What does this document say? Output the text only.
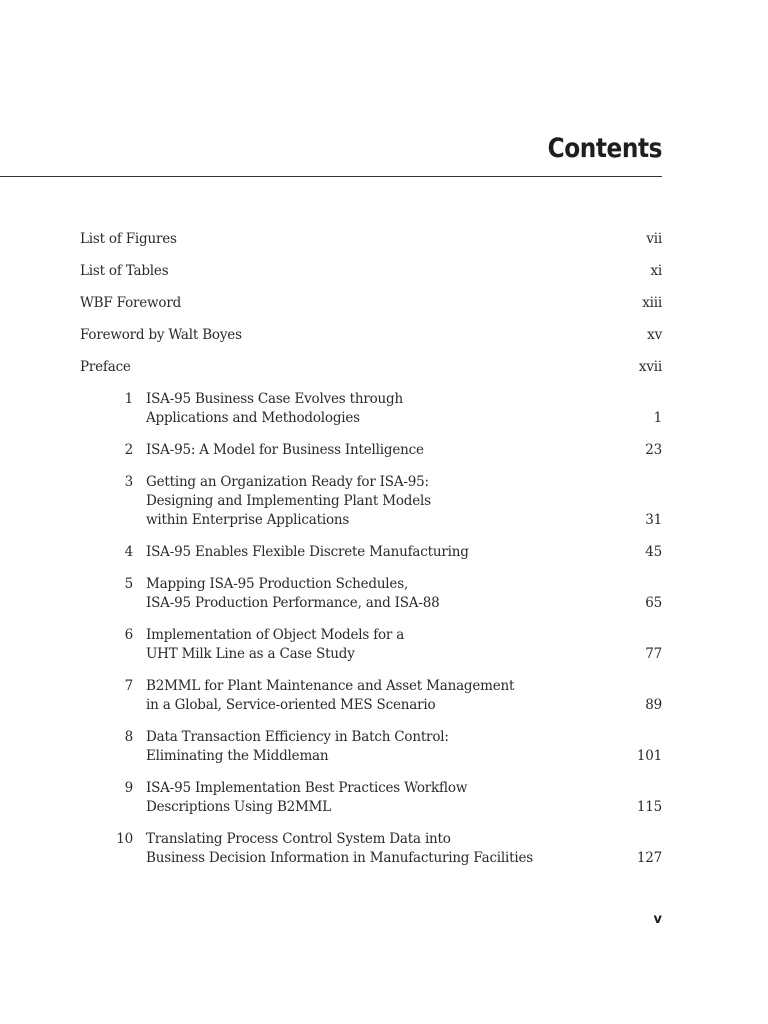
Contents
List of Figures	vii
List of Tables	xi
WBF Foreword	xiii
Foreword by Walt Boyes	xv
Preface	xvii
1 ISA-95 Business Case Evolves through
Applications and Methodologies	1
2 ISA-95: A Model for Business Intelligence	23
3 Getting an Organization Ready for ISA-95:
Designing and Implementing Plant Models
within Enterprise Applications	31
4 ISA-95 Enables Flexible Discrete Manufacturing	45
5 Mapping ISA-95 Production Schedules,
ISA-95 Production Performance, and ISA-88	65
6 Implementation of Object Models for a
UHT Milk Line as a Case Study	77
7 B2MML for Plant Maintenance and Asset Management
in a Global, Service-oriented MES Scenario	89
8 Data Transaction Efficiency in Batch Control:
Eliminating the Middleman	101
9 ISA-95 Implementation Best Practices Workflow
Descriptions Using B2MML	115
10 Translating Process Control System Data into
Business Decision Information in Manufacturing Facilities	127
v
